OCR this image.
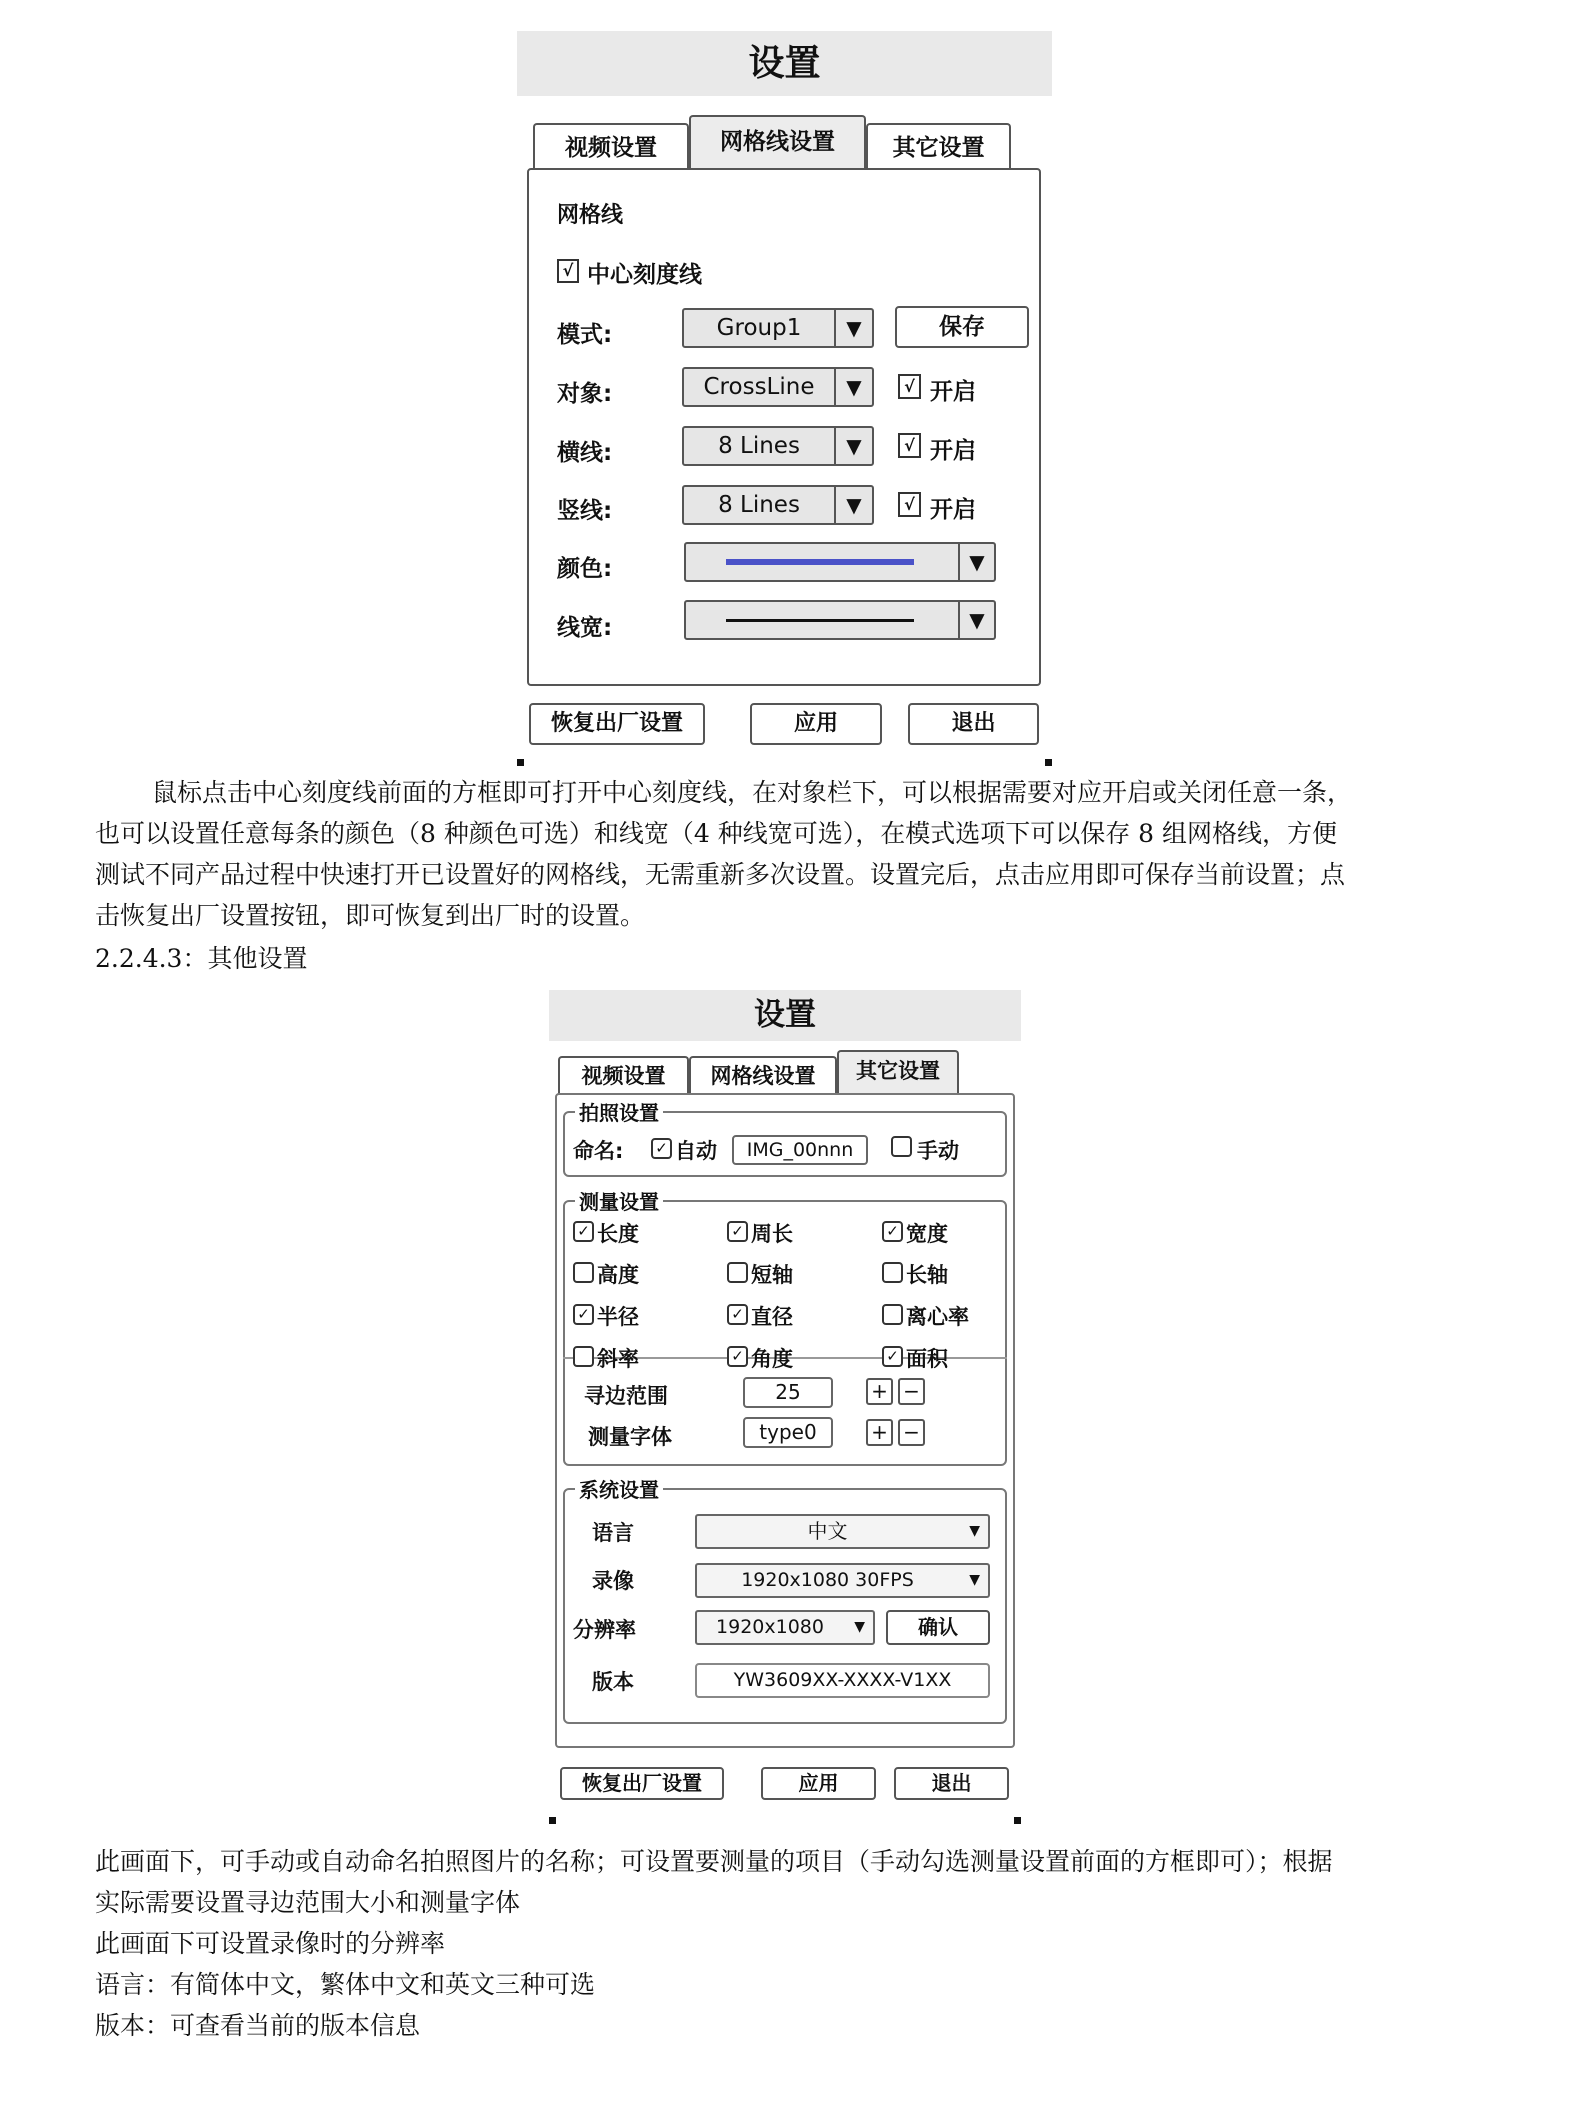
设置
视频设置	网格线设置	其它设置
网格线
√ 中心刻度线
模式:	Group1	▼	保存
对象:	CrossLine	▼	√ 开启
横线:	8 Lines	▼	√ 开启
竖线:	8 Lines	▼	√ 开启
颜色:	▼
线宽:	▼
恢复出厂设置	应用	退出
鼠标点击中心刻度线前面的方框即可打开中心刻度线，在对象栏下，可以根据需要对应开启或关闭任意一条，
也可以设置任意每条的颜色（8 种颜色可选）和线宽（4 种线宽可选），在模式选项下可以保存 8 组网格线，方便
测试不同产品过程中快速打开已设置好的网格线，无需重新多次设置。设置完后，点击应用即可保存当前设置；点
击恢复出厂设置按钮，即可恢复到出厂时的设置。
2.2.4.3：其他设置
设置
视频设置	网格线设置	其它设置
拍照设置
命名: ✓ 自动	IMG_00nnn	手动
测量设置
寻边范围	25	+ −
测量字体	type0	+ −
系统设置
语言	中文	▼
录像	1920x1080 30FPS	▼
分辨率	1920x1080	▼	确认
版本	YW3609XX-XXXX-V1XX
✓ 长度	✓ 周长	✓ 宽度
高度	短轴	长轴
✓ 半径	✓ 直径	离心率
斜率	✓ 角度	✓ 面积
恢复出厂设置	应用	退出
此画面下，可手动或自动命名拍照图片的名称；可设置要测量的项目（手动勾选测量设置前面的方框即可）；根据
实际需要设置寻边范围大小和测量字体
此画面下可设置录像时的分辨率
语言：有简体中文，繁体中文和英文三种可选
版本：可查看当前的版本信息
